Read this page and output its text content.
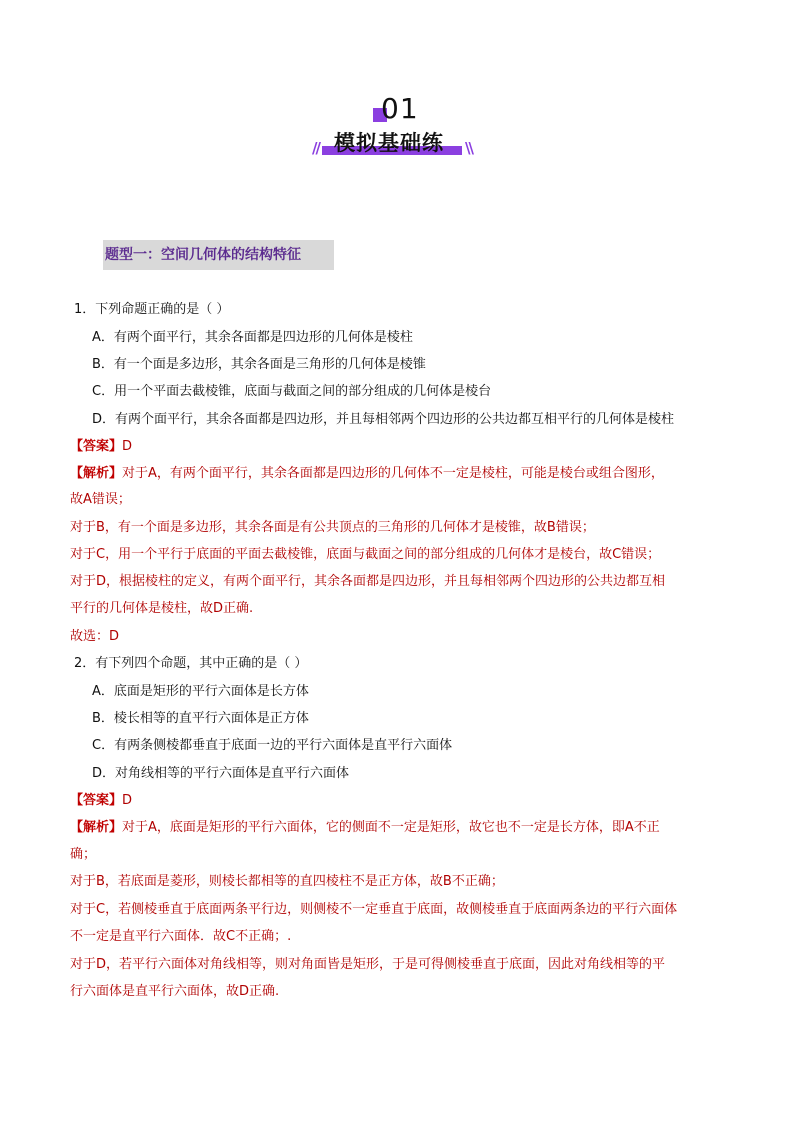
01
// 模拟基础练 \\
题型一：空间几何体的结构特征
1．下列命题正确的是（ ）
A．有两个面平行，其余各面都是四边形的几何体是棱柱
B．有一个面是多边形，其余各面是三角形的几何体是棱锥
C．用一个平面去截棱锥，底面与截面之间的部分组成的几何体是棱台
D．有两个面平行，其余各面都是四边形，并且每相邻两个四边形的公共边都互相平行的几何体是棱柱
【答案】D
【解析】对于A，有两个面平行，其余各面都是四边形的几何体不一定是棱柱，可能是棱台或组合图形，
故A错误；
对于B，有一个面是多边形，其余各面是有公共顶点的三角形的几何体才是棱锥，故B错误；
对于C，用一个平行于底面的平面去截棱锥，底面与截面之间的部分组成的几何体才是棱台，故C错误；
对于D，根据棱柱的定义，有两个面平行，其余各面都是四边形，并且每相邻两个四边形的公共边都互相
平行的几何体是棱柱，故D正确.
故选：D
2．有下列四个命题，其中正确的是（ ）
A．底面是矩形的平行六面体是长方体
B．棱长相等的直平行六面体是正方体
C．有两条侧棱都垂直于底面一边的平行六面体是直平行六面体
D．对角线相等的平行六面体是直平行六面体
【答案】D
【解析】对于A，底面是矩形的平行六面体，它的侧面不一定是矩形，故它也不一定是长方体，即A不正
确；
对于B，若底面是菱形，则棱长都相等的直四棱柱不是正方体，故B不正确；
对于C，若侧棱垂直于底面两条平行边，则侧棱不一定垂直于底面，故侧棱垂直于底面两条边的平行六面体
不一定是直平行六面体．故C不正确；.
对于D，若平行六面体对角线相等，则对角面皆是矩形，于是可得侧棱垂直于底面，因此对角线相等的平
行六面体是直平行六面体，故D正确.
